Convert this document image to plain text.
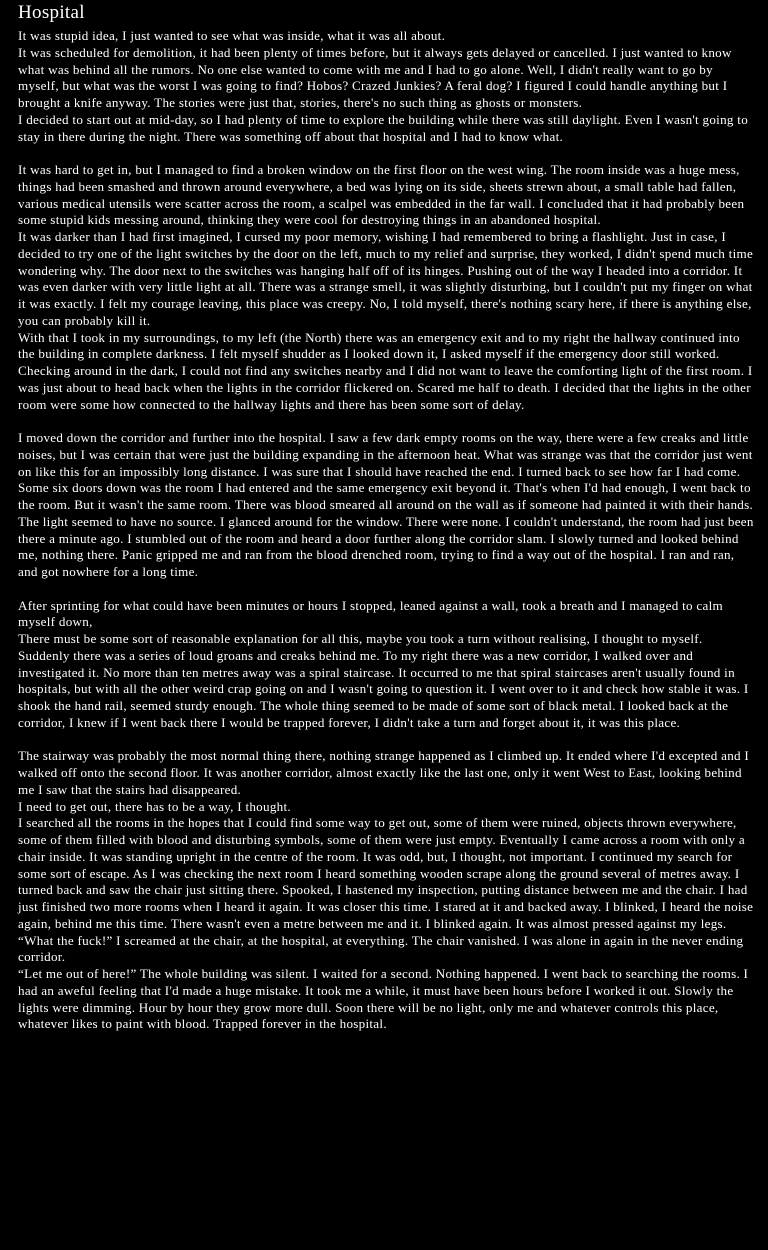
Hospital

It was stupid idea, I just wanted to see what was inside, what it was all about.

It was scheduled for demolition, it had been plenty of times before, but it always gets delayed or cancelled. I just wanted to know what was behind all the rumors. No one else wanted to come with me and I had to go alone. Well, I didn't really want to go by myself, but what was the worst I was going to find? Hobos? Crazed Junkies? A feral dog? I figured I could handle anything but I brought a knife anyway. The stories were just that, stories, there's no such thing as ghosts or monsters.

I decided to start out at mid-day, so I had plenty of time to explore the building while there was still daylight. Even I wasn't going to stay in there during the night. There was something off about that hospital and I had to know what.

It was hard to get in, but I managed to find a broken window on the first floor on the west wing. The room inside was a huge mess, things had been smashed and thrown around everywhere, a bed was lying on its side, sheets strewn about, a small table had fallen, various medical utensils were scatter across the room, a scalpel was embedded in the far wall. I concluded that it had probably been some stupid kids messing around, thinking they were cool for destroying things in an abandoned hospital.

It was darker than I had first imagined, I cursed my poor memory, wishing I had remembered to bring a flashlight. Just in case, I decided to try one of the light switches by the door on the left, much to my relief and surprise, they worked, I didn't spend much time wondering why. The door next to the switches was hanging half off of its hinges. Pushing out of the way I headed into a corridor. It was even darker with very little light at all. There was a strange smell, it was slightly disturbing, but I couldn't put my finger on what it was exactly. I felt my courage leaving, this place was creepy. No, I told myself, there's nothing scary here, if there is anything else, you can probably kill it.

With that I took in my surroundings, to my left (the North) there was an emergency exit and to my right the hallway continued into the building in complete darkness. I felt myself shudder as I looked down it, I asked myself if the emergency door still worked. Checking around in the dark, I could not find any switches nearby and I did not want to leave the comforting light of the first room. I was just about to head back when the lights in the corridor flickered on. Scared me half to death. I decided that the lights in the other room were some how connected to the hallway lights and there has been some sort of delay.

I moved down the corridor and further into the hospital. I saw a few dark empty rooms on the way, there were a few creaks and little noises, but I was certain that were just the building expanding in the afternoon heat. What was strange was that the corridor just went on like this for an impossibly long distance. I was sure that I should have reached the end. I turned back to see how far I had come. Some six doors down was the room I had entered and the same emergency exit beyond it. That's when I'd had enough, I went back to the room. But it wasn't the same room. There was blood smeared all around on the wall as if someone had painted it with their hands. The light seemed to have no source. I glanced around for the window. There were none. I couldn't understand, the room had just been there a minute ago. I stumbled out of the room and heard a door further along the corridor slam. I slowly turned and looked behind me, nothing there. Panic gripped me and ran from the blood drenched room, trying to find a way out of the hospital. I ran and ran, and got nowhere for a long time.

After sprinting for what could have been minutes or hours I stopped, leaned against a wall, took a breath and I managed to calm myself down,

There must be some sort of reasonable explanation for all this, maybe you took a turn without realising, I thought to myself.

Suddenly there was a series of loud groans and creaks behind me. To my right there was a new corridor, I walked over and investigated it. No more than ten metres away was a spiral staircase. It occurred to me that spiral staircases aren't usually found in hospitals, but with all the other weird crap going on and I wasn't going to question it. I went over to it and check how stable it was. I shook the hand rail, seemed sturdy enough. The whole thing seemed to be made of some sort of black metal. I looked back at the corridor, I knew if I went back there I would be trapped forever, I didn't take a turn and forget about it, it was this place.

The stairway was probably the most normal thing there, nothing strange happened as I climbed up. It ended where I'd excepted and I walked off onto the second floor. It was another corridor, almost exactly like the last one, only it went West to East, looking behind me I saw that the stairs had disappeared.

I need to get out, there has to be a way, I thought.

I searched all the rooms in the hopes that I could find some way to get out, some of them were ruined, objects thrown everywhere, some of them filled with blood and disturbing symbols, some of them were just empty. Eventually I came across a room with only a chair inside. It was standing upright in the centre of the room. It was odd, but, I thought, not important. I continued my search for some sort of escape. As I was checking the next room I heard something wooden scrape along the ground several of metres away. I turned back and saw the chair just sitting there. Spooked, I hastened my inspection, putting distance between me and the chair. I had just finished two more rooms when I heard it again. It was closer this time. I stared at it and backed away. I blinked, I heard the noise again, behind me this time. There wasn't even a metre between me and it. I blinked again. It was almost pressed against my legs.

“What the fuck!” I screamed at the chair, at the hospital, at everything. The chair vanished. I was alone in again in the never ending corridor.

“Let me out of here!” The whole building was silent. I waited for a second. Nothing happened. I went back to searching the rooms. I had an aweful feeling that I'd made a huge mistake. It took me a while, it must have been hours before I worked it out. Slowly the lights were dimming. Hour by hour they grow more dull. Soon there will be no light, only me and whatever controls this place, whatever likes to paint with blood. Trapped forever in the hospital.
